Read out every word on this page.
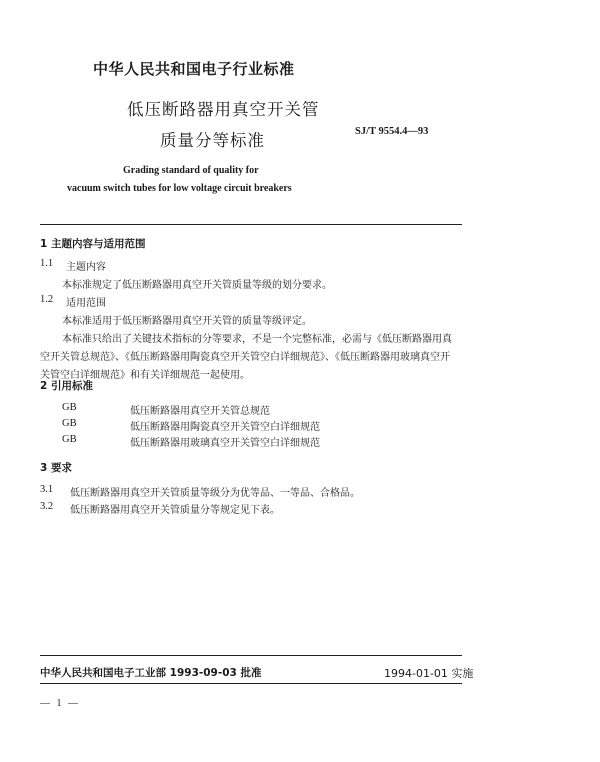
中华人民共和国电子行业标准
低压断路器用真空开关管
质量分等标准	SJ/T 9554.4—93
Grading standard of quality for
vacuum switch tubes for low voltage circuit breakers
1 主题内容与适用范围
1.1 主题内容
本标准规定了低压断路器用真空开关管质量等级的划分要求。
1.2 适用范围
本标准适用于低压断路器用真空开关管的质量等级评定。
本标准只给出了关键技术指标的分等要求，不是一个完整标准，必需与《低压断路器用真
空开关管总规范》、《低压断路器用陶瓷真空开关管空白详细规范》、《低压断路器用玻璃真空开
关管空白详细规范》和有关详细规范一起使用。
2 引用标准
GB	低压断路器用真空开关管总规范
GB	低压断路器用陶瓷真空开关管空白详细规范
GB	低压断路器用玻璃真空开关管空白详细规范
3 要求
3.1 低压断路器用真空开关管质量等级分为优等品、一等品、合格品。
3.2 低压断路器用真空开关管质量分等规定见下表。
中华人民共和国电子工业部 1993-09-03 批准	1994-01-01 实施
— 1 —
